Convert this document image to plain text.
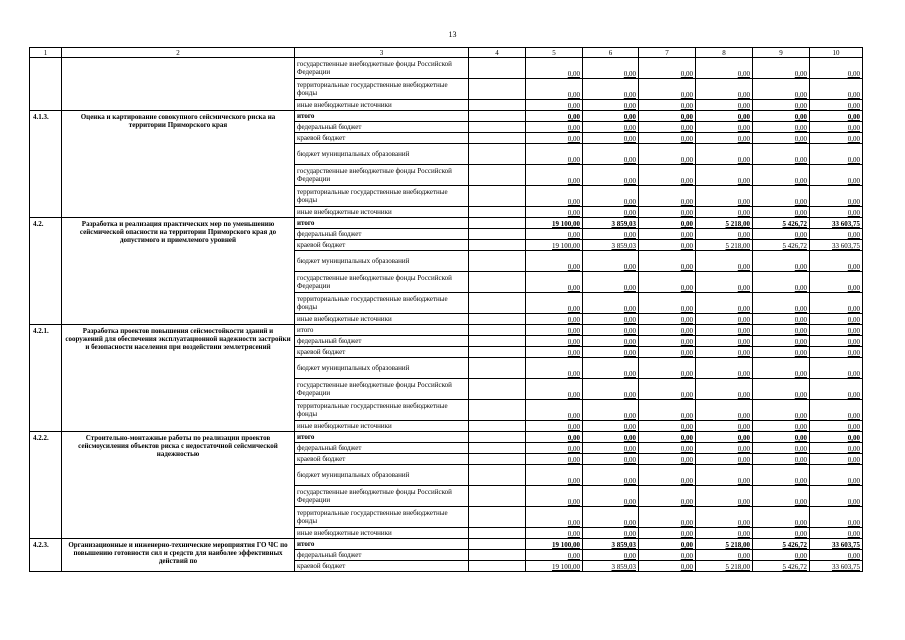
13
1	2	3	4	5	6	7	8	9	10
		государственные внебюджетные фонды Российской Федерации		0,00	0,00	0,00	0,00	0,00	0,00
		территориальные государственные внебюджетные фонды		0,00	0,00	0,00	0,00	0,00	0,00
		иные внебюджетные источники		0,00	0,00	0,00	0,00	0,00	0,00
4.1.3.	Оценка и картирование совокупного сейсмического риска на территории Приморского края	итого		0,00	0,00	0,00	0,00	0,00	0,00
		федеральный бюджет		0,00	0,00	0,00	0,00	0,00	0,00
		краевой бюджет		0,00	0,00	0,00	0,00	0,00	0,00
		бюджет муниципальных образований		0,00	0,00	0,00	0,00	0,00	0,00
		государственные внебюджетные фонды Российской Федерации		0,00	0,00	0,00	0,00	0,00	0,00
		территориальные государственные внебюджетные фонды		0,00	0,00	0,00	0,00	0,00	0,00
		иные внебюджетные источники		0,00	0,00	0,00	0,00	0,00	0,00
4.2.	Разработка и реализация практических мер по уменьшению сейсмической опасности на территории Приморского края до допустимого и приемлемого уровней	итого		19 100,00	3 859,03	0,00	5 218,00	5 426,72	33 603,75
		федеральный бюджет		0,00	0,00	0,00	0,00	0,00	0,00
		краевой бюджет		19 100,00	3 859,03	0,00	5 218,00	5 426,72	33 603,75
		бюджет муниципальных образований		0,00	0,00	0,00	0,00	0,00	0,00
		государственные внебюджетные фонды Российской Федерации		0,00	0,00	0,00	0,00	0,00	0,00
		территориальные государственные внебюджетные фонды		0,00	0,00	0,00	0,00	0,00	0,00
		иные внебюджетные источники		0,00	0,00	0,00	0,00	0,00	0,00
4.2.1.	Разработка проектов повышения сейсмостойкости зданий и сооружений для обеспечения эксплуатационной надежности застройки и безопасности населения при воздействии землетрясений	итого		0,00	0,00	0,00	0,00	0,00	0,00
		федеральный бюджет		0,00	0,00	0,00	0,00	0,00	0,00
		краевой бюджет		0,00	0,00	0,00	0,00	0,00	0,00
		бюджет муниципальных образований		0,00	0,00	0,00	0,00	0,00	0,00
		государственные внебюджетные фонды Российской Федерации		0,00	0,00	0,00	0,00	0,00	0,00
		территориальные государственные внебюджетные фонды		0,00	0,00	0,00	0,00	0,00	0,00
		иные внебюджетные источники		0,00	0,00	0,00	0,00	0,00	0,00
4.2.2.	Строительно-монтажные работы по реализации проектов сейсмоусиления объектов риска с недостаточной сейсмической надежностью	итого		0,00	0,00	0,00	0,00	0,00	0,00
		федеральный бюджет		0,00	0,00	0,00	0,00	0,00	0,00
		краевой бюджет		0,00	0,00	0,00	0,00	0,00	0,00
		бюджет муниципальных образований		0,00	0,00	0,00	0,00	0,00	0,00
		государственные внебюджетные фонды Российской Федерации		0,00	0,00	0,00	0,00	0,00	0,00
		территориальные государственные внебюджетные фонды		0,00	0,00	0,00	0,00	0,00	0,00
		иные внебюджетные источники		0,00	0,00	0,00	0,00	0,00	0,00
4.2.3.	Организационные и инженерно-технические мероприятия ГО ЧС по повышению готовности сил и средств для наиболее эффективных действий по	итого		19 100,00	3 859,03	0,00	5 218,00	5 426,72	33 603,75
		федеральный бюджет		0,00	0,00	0,00	0,00	0,00	0,00
		краевой бюджет		19 100,00	3 859,03	0,00	5 218,00	5 426,72	33 603,75
